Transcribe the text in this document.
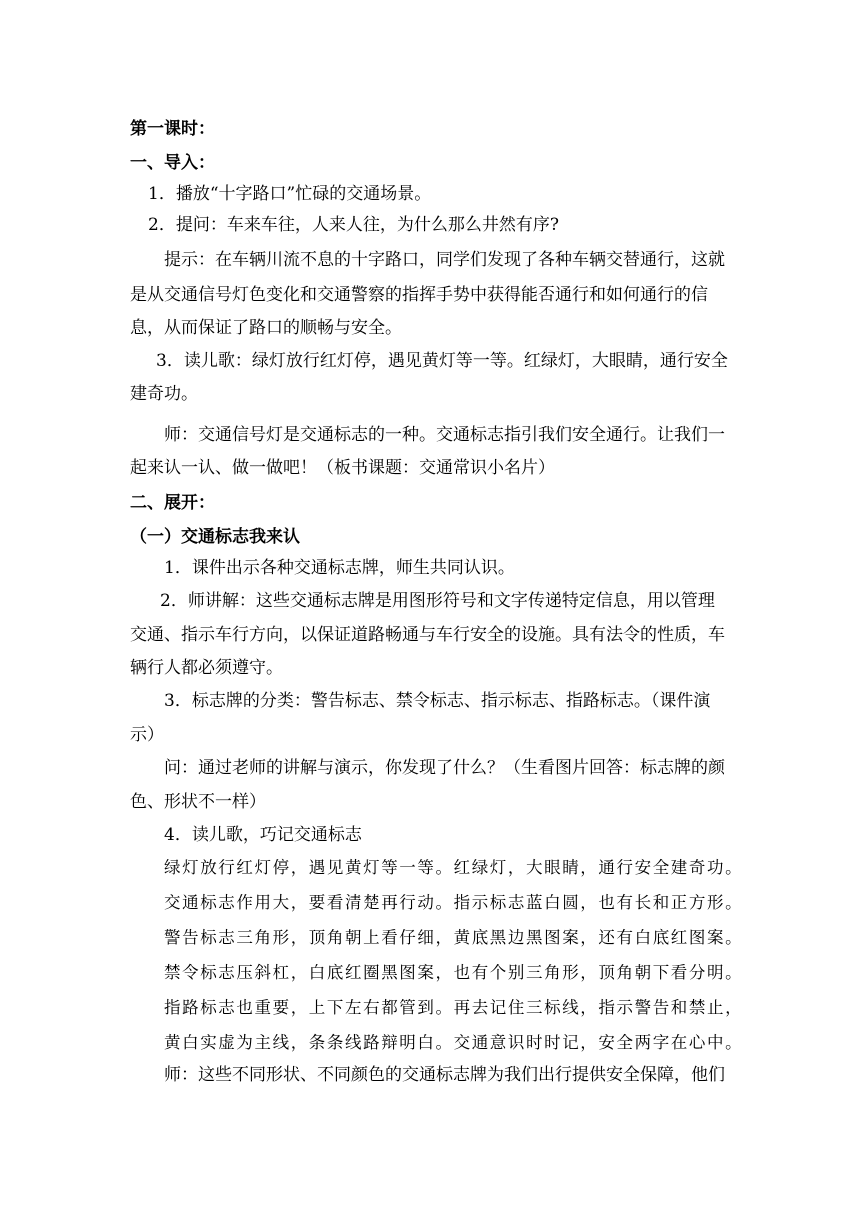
第一课时：

一、导入：

1．播放“十字路口”忙碌的交通场景。

2．提问：车来车往，人来人往，为什么那么井然有序?

提示：在车辆川流不息的十字路口，同学们发现了各种车辆交替通行，这就

是从交通信号灯色变化和交通警察的指挥手势中获得能否通行和如何通行的信

息，从而保证了路口的顺畅与安全。

3．读儿歌：绿灯放行红灯停，遇见黄灯等一等。红绿灯，大眼睛，通行安全

建奇功。

师：交通信号灯是交通标志的一种。交通标志指引我们安全通行。让我们一

起来认一认、做一做吧！（板书课题：交通常识小名片）

二、展开：

（一）交通标志我来认

1．课件出示各种交通标志牌，师生共同认识。

2．师讲解：这些交通标志牌是用图形符号和文字传递特定信息，用以管理

交通、指示车行方向，以保证道路畅通与车行安全的设施。具有法令的性质，车

辆行人都必须遵守。

3．标志牌的分类：警告标志、禁令标志、指示标志、指路标志。（课件演

示）

问：通过老师的讲解与演示，你发现了什么？（生看图片回答：标志牌的颜

色、形状不一样）

4．读儿歌，巧记交通标志

绿灯放行红灯停，遇见黄灯等一等。红绿灯，大眼睛，通行安全建奇功。

交通标志作用大，要看清楚再行动。指示标志蓝白圆，也有长和正方形。

警告标志三角形，顶角朝上看仔细，黄底黑边黑图案，还有白底红图案。

禁令标志压斜杠，白底红圈黑图案，也有个别三角形，顶角朝下看分明。

指路标志也重要，上下左右都管到。再去记住三标线，指示警告和禁止，

黄白实虚为主线，条条线路辩明白。交通意识时时记，安全两字在心中。

师：这些不同形状、不同颜色的交通标志牌为我们出行提供安全保障，他们
